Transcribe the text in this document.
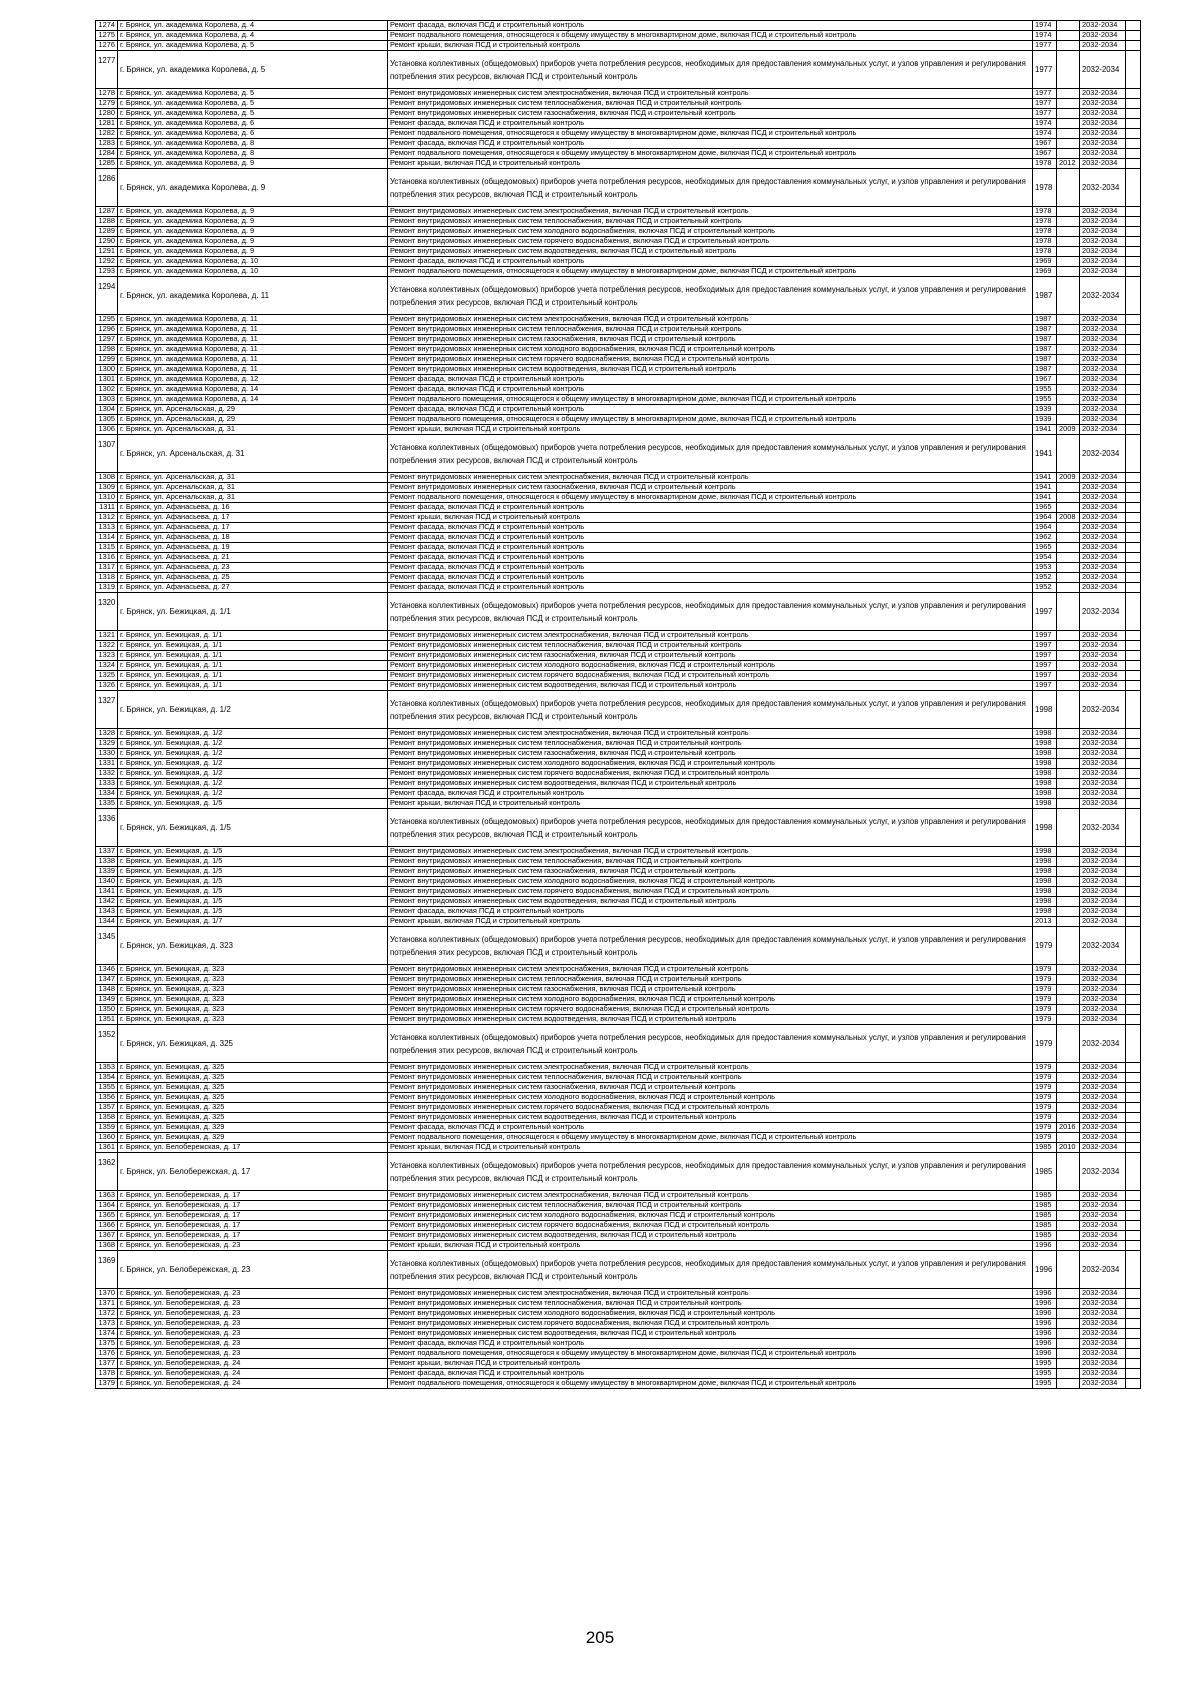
1274	г. Брянск, ул. академика Королева, д. 4	Ремонт фасада, включая ПСД и строительный контроль	1974		2032-2034	
1275	г. Брянск, ул. академика Королева, д. 4	Ремонт подвального помещения, относящегося к общему имуществу в многоквартирном доме, включая ПСД и строительный контроль	1974		2032-2034	
1276	г. Брянск, ул. академика Королева, д. 5	Ремонт крыши, включая ПСД и строительный контроль	1977		2032-2034	
1277	г. Брянск, ул. академика Королева, д. 5	Установка коллективных (общедомовых) приборов учета потребления ресурсов, необходимых для предоставления коммунальных услуг, и узлов управления и регулирования потребления этих ресурсов, включая ПСД и строительный контроль	1977		2032-2034	
1278	г. Брянск, ул. академика Королева, д. 5	Ремонт внутридомовых инженерных систем электроснабжения, включая ПСД и строительный контроль	1977		2032-2034	
1279	г. Брянск, ул. академика Королева, д. 5	Ремонт внутридомовых инженерных систем теплоснабжения, включая ПСД и строительный контроль	1977		2032-2034	
1280	г. Брянск, ул. академика Королева, д. 5	Ремонт внутридомовых инженерных систем газоснабжения, включая ПСД и строительный контроль	1977		2032-2034	
1281	г. Брянск, ул. академика Королева, д. 6	Ремонт фасада, включая ПСД и строительный контроль	1974		2032-2034	
1282	г. Брянск, ул. академика Королева, д. 6	Ремонт подвального помещения, относящегося к общему имуществу в многоквартирном доме, включая ПСД и строительный контроль	1974		2032-2034	
1283	г. Брянск, ул. академика Королева, д. 8	Ремонт фасада, включая ПСД и строительный контроль	1967		2032-2034	
1284	г. Брянск, ул. академика Королева, д. 8	Ремонт подвального помещения, относящегося к общему имуществу в многоквартирном доме, включая ПСД и строительный контроль	1967		2032-2034	
1285	г. Брянск, ул. академика Королева, д. 9	Ремонт крыши, включая ПСД и строительный контроль	1978	2012	2032-2034	
1286	г. Брянск, ул. академика Королева, д. 9	Установка коллективных (общедомовых) приборов учета потребления ресурсов, необходимых для предоставления коммунальных услуг, и узлов управления и регулирования потребления этих ресурсов, включая ПСД и строительный контроль	1978		2032-2034	
1287	г. Брянск, ул. академика Королева, д. 9	Ремонт внутридомовых инженерных систем электроснабжения, включая ПСД и строительный контроль	1978		2032-2034	
1288	г. Брянск, ул. академика Королева, д. 9	Ремонт внутридомовых инженерных систем теплоснабжения, включая ПСД и строительный контроль	1978		2032-2034	
1289	г. Брянск, ул. академика Королева, д. 9	Ремонт внутридомовых инженерных систем холодного водоснабжения, включая ПСД и строительный контроль	1978		2032-2034	
1290	г. Брянск, ул. академика Королева, д. 9	Ремонт внутридомовых инженерных систем горячего водоснабжения, включая ПСД и строительный контроль	1978		2032-2034	
1291	г. Брянск, ул. академика Королева, д. 9	Ремонт внутридомовых инженерных систем водоотведения, включая ПСД и строительный контроль	1978		2032-2034	
1292	г. Брянск, ул. академика Королева, д. 10	Ремонт фасада, включая ПСД и строительный контроль	1969		2032-2034	
1293	г. Брянск, ул. академика Королева, д. 10	Ремонт подвального помещения, относящегося к общему имуществу в многоквартирном доме, включая ПСД и строительный контроль	1969		2032-2034	
1294	г. Брянск, ул. академика Королева, д. 11	Установка коллективных (общедомовых) приборов учета потребления ресурсов, необходимых для предоставления коммунальных услуг, и узлов управления и регулирования потребления этих ресурсов, включая ПСД и строительный контроль	1987		2032-2034	
1295	г. Брянск, ул. академика Королева, д. 11	Ремонт внутридомовых инженерных систем электроснабжения, включая ПСД и строительный контроль	1987		2032-2034	
1296	г. Брянск, ул. академика Королева, д. 11	Ремонт внутридомовых инженерных систем теплоснабжения, включая ПСД и строительный контроль	1987		2032-2034	
1297	г. Брянск, ул. академика Королева, д. 11	Ремонт внутридомовых инженерных систем газоснабжения, включая ПСД и строительный контроль	1987		2032-2034	
1298	г. Брянск, ул. академика Королева, д. 11	Ремонт внутридомовых инженерных систем холодного водоснабжения, включая ПСД и строительный контроль	1987		2032-2034	
1299	г. Брянск, ул. академика Королева, д. 11	Ремонт внутридомовых инженерных систем горячего водоснабжения, включая ПСД и строительный контроль	1987		2032-2034	
1300	г. Брянск, ул. академика Королева, д. 11	Ремонт внутридомовых инженерных систем водоотведения, включая ПСД и строительный контроль	1987		2032-2034	
1301	г. Брянск, ул. академика Королева, д. 12	Ремонт фасада, включая ПСД и строительный контроль	1967		2032-2034	
1302	г. Брянск, ул. академика Королева, д. 14	Ремонт фасада, включая ПСД и строительный контроль	1955		2032-2034	
1303	г. Брянск, ул. академика Королева, д. 14	Ремонт подвального помещения, относящегося к общему имуществу в многоквартирном доме, включая ПСД и строительный контроль	1955		2032-2034	
1304	г. Брянск, ул. Арсенальская, д. 29	Ремонт фасада, включая ПСД и строительный контроль	1939		2032-2034	
1305	г. Брянск, ул. Арсенальская, д. 29	Ремонт подвального помещения, относящегося к общему имуществу в многоквартирном доме, включая ПСД и строительный контроль	1939		2032-2034	
1306	г. Брянск, ул. Арсенальская, д. 31	Ремонт крыши, включая ПСД и строительный контроль	1941	2009	2032-2034	
1307	г. Брянск, ул. Арсенальская, д. 31	Установка коллективных (общедомовых) приборов учета потребления ресурсов, необходимых для предоставления коммунальных услуг, и узлов управления и регулирования потребления этих ресурсов, включая ПСД и строительный контроль	1941		2032-2034	
1308	г. Брянск, ул. Арсенальская, д. 31	Ремонт внутридомовых инженерных систем электроснабжения, включая ПСД и строительный контроль	1941	2009	2032-2034	
1309	г. Брянск, ул. Арсенальская, д. 31	Ремонт внутридомовых инженерных систем газоснабжения, включая ПСД и строительный контроль	1941		2032-2034	
1310	г. Брянск, ул. Арсенальская, д. 31	Ремонт подвального помещения, относящегося к общему имуществу в многоквартирном доме, включая ПСД и строительный контроль	1941		2032-2034	
1311	г. Брянск, ул. Афанасьева, д. 16	Ремонт фасада, включая ПСД и строительный контроль	1965		2032-2034	
1312	г. Брянск, ул. Афанасьева, д. 17	Ремонт крыши, включая ПСД и строительный контроль	1964	2008	2032-2034	
1313	г. Брянск, ул. Афанасьева, д. 17	Ремонт фасада, включая ПСД и строительный контроль	1964		2032-2034	
1314	г. Брянск, ул. Афанасьева, д. 18	Ремонт фасада, включая ПСД и строительный контроль	1962		2032-2034	
1315	г. Брянск, ул. Афанасьева, д. 19	Ремонт фасада, включая ПСД и строительный контроль	1965		2032-2034	
1316	г. Брянск, ул. Афанасьева, д. 21	Ремонт фасада, включая ПСД и строительный контроль	1954		2032-2034	
1317	г. Брянск, ул. Афанасьева, д. 23	Ремонт фасада, включая ПСД и строительный контроль	1953		2032-2034	
1318	г. Брянск, ул. Афанасьева, д. 25	Ремонт фасада, включая ПСД и строительный контроль	1952		2032-2034	
1319	г. Брянск, ул. Афанасьева, д. 27	Ремонт фасада, включая ПСД и строительный контроль	1952		2032-2034	
1320	г. Брянск, ул. Бежицкая, д. 1/1	Установка коллективных (общедомовых) приборов учета потребления ресурсов, необходимых для предоставления коммунальных услуг, и узлов управления и регулирования потребления этих ресурсов, включая ПСД и строительный контроль	1997		2032-2034	
1321	г. Брянск, ул. Бежицкая, д. 1/1	Ремонт внутридомовых инженерных систем электроснабжения, включая ПСД и строительный контроль	1997		2032-2034	
1322	г. Брянск, ул. Бежицкая, д. 1/1	Ремонт внутридомовых инженерных систем теплоснабжения, включая ПСД и строительный контроль	1997		2032-2034	
1323	г. Брянск, ул. Бежицкая, д. 1/1	Ремонт внутридомовых инженерных систем газоснабжения, включая ПСД и строительный контроль	1997		2032-2034	
1324	г. Брянск, ул. Бежицкая, д. 1/1	Ремонт внутридомовых инженерных систем холодного водоснабжения, включая ПСД и строительный контроль	1997		2032-2034	
1325	г. Брянск, ул. Бежицкая, д. 1/1	Ремонт внутридомовых инженерных систем горячего водоснабжения, включая ПСД и строительный контроль	1997		2032-2034	
1326	г. Брянск, ул. Бежицкая, д. 1/1	Ремонт внутридомовых инженерных систем водоотведения, включая ПСД и строительный контроль	1997		2032-2034	
1327	г. Брянск, ул. Бежицкая, д. 1/2	Установка коллективных (общедомовых) приборов учета потребления ресурсов, необходимых для предоставления коммунальных услуг, и узлов управления и регулирования потребления этих ресурсов, включая ПСД и строительный контроль	1998		2032-2034	
1328	г. Брянск, ул. Бежицкая, д. 1/2	Ремонт внутридомовых инженерных систем электроснабжения, включая ПСД и строительный контроль	1998		2032-2034	
1329	г. Брянск, ул. Бежицкая, д. 1/2	Ремонт внутридомовых инженерных систем теплоснабжения, включая ПСД и строительный контроль	1998		2032-2034	
1330	г. Брянск, ул. Бежицкая, д. 1/2	Ремонт внутридомовых инженерных систем газоснабжения, включая ПСД и строительный контроль	1998		2032-2034	
1331	г. Брянск, ул. Бежицкая, д. 1/2	Ремонт внутридомовых инженерных систем холодного водоснабжения, включая ПСД и строительный контроль	1998		2032-2034	
1332	г. Брянск, ул. Бежицкая, д. 1/2	Ремонт внутридомовых инженерных систем горячего водоснабжения, включая ПСД и строительный контроль	1998		2032-2034	
1333	г. Брянск, ул. Бежицкая, д. 1/2	Ремонт внутридомовых инженерных систем водоотведения, включая ПСД и строительный контроль	1998		2032-2034	
1334	г. Брянск, ул. Бежицкая, д. 1/2	Ремонт фасада, включая ПСД и строительный контроль	1998		2032-2034	
1335	г. Брянск, ул. Бежицкая, д. 1/5	Ремонт крыши, включая ПСД и строительный контроль	1998		2032-2034	
1336	г. Брянск, ул. Бежицкая, д. 1/5	Установка коллективных (общедомовых) приборов учета потребления ресурсов, необходимых для предоставления коммунальных услуг, и узлов управления и регулирования потребления этих ресурсов, включая ПСД и строительный контроль	1998		2032-2034	
1337	г. Брянск, ул. Бежицкая, д. 1/5	Ремонт внутридомовых инженерных систем электроснабжения, включая ПСД и строительный контроль	1998		2032-2034	
1338	г. Брянск, ул. Бежицкая, д. 1/5	Ремонт внутридомовых инженерных систем теплоснабжения, включая ПСД и строительный контроль	1998		2032-2034	
1339	г. Брянск, ул. Бежицкая, д. 1/5	Ремонт внутридомовых инженерных систем газоснабжения, включая ПСД и строительный контроль	1998		2032-2034	
1340	г. Брянск, ул. Бежицкая, д. 1/5	Ремонт внутридомовых инженерных систем холодного водоснабжения, включая ПСД и строительный контроль	1998		2032-2034	
1341	г. Брянск, ул. Бежицкая, д. 1/5	Ремонт внутридомовых инженерных систем горячего водоснабжения, включая ПСД и строительный контроль	1998		2032-2034	
1342	г. Брянск, ул. Бежицкая, д. 1/5	Ремонт внутридомовых инженерных систем водоотведения, включая ПСД и строительный контроль	1998		2032-2034	
1343	г. Брянск, ул. Бежицкая, д. 1/5	Ремонт фасада, включая ПСД и строительный контроль	1998		2032-2034	
1344	г. Брянск, ул. Бежицкая, д. 1/7	Ремонт крыши, включая ПСД и строительный контроль	2013		2032-2034	
1345	г. Брянск, ул. Бежицкая, д. 323	Установка коллективных (общедомовых) приборов учета потребления ресурсов, необходимых для предоставления коммунальных услуг, и узлов управления и регулирования потребления этих ресурсов, включая ПСД и строительный контроль	1979		2032-2034	
1346	г. Брянск, ул. Бежицкая, д. 323	Ремонт внутридомовых инженерных систем электроснабжения, включая ПСД и строительный контроль	1979		2032-2034	
1347	г. Брянск, ул. Бежицкая, д. 323	Ремонт внутридомовых инженерных систем теплоснабжения, включая ПСД и строительный контроль	1979		2032-2034	
1348	г. Брянск, ул. Бежицкая, д. 323	Ремонт внутридомовых инженерных систем газоснабжения, включая ПСД и строительный контроль	1979		2032-2034	
1349	г. Брянск, ул. Бежицкая, д. 323	Ремонт внутридомовых инженерных систем холодного водоснабжения, включая ПСД и строительный контроль	1979		2032-2034	
1350	г. Брянск, ул. Бежицкая, д. 323	Ремонт внутридомовых инженерных систем горячего водоснабжения, включая ПСД и строительный контроль	1979		2032-2034	
1351	г. Брянск, ул. Бежицкая, д. 323	Ремонт внутридомовых инженерных систем водоотведения, включая ПСД и строительный контроль	1979		2032-2034	
1352	г. Брянск, ул. Бежицкая, д. 325	Установка коллективных (общедомовых) приборов учета потребления ресурсов, необходимых для предоставления коммунальных услуг, и узлов управления и регулирования потребления этих ресурсов, включая ПСД и строительный контроль	1979		2032-2034	
1353	г. Брянск, ул. Бежицкая, д. 325	Ремонт внутридомовых инженерных систем электроснабжения, включая ПСД и строительный контроль	1979		2032-2034	
1354	г. Брянск, ул. Бежицкая, д. 325	Ремонт внутридомовых инженерных систем теплоснабжения, включая ПСД и строительный контроль	1979		2032-2034	
1355	г. Брянск, ул. Бежицкая, д. 325	Ремонт внутридомовых инженерных систем газоснабжения, включая ПСД и строительный контроль	1979		2032-2034	
1356	г. Брянск, ул. Бежицкая, д. 325	Ремонт внутридомовых инженерных систем холодного водоснабжения, включая ПСД и строительный контроль	1979		2032-2034	
1357	г. Брянск, ул. Бежицкая, д. 325	Ремонт внутридомовых инженерных систем горячего водоснабжения, включая ПСД и строительный контроль	1979		2032-2034	
1358	г. Брянск, ул. Бежицкая, д. 325	Ремонт внутридомовых инженерных систем водоотведения, включая ПСД и строительный контроль	1979		2032-2034	
1359	г. Брянск, ул. Бежицкая, д. 329	Ремонт фасада, включая ПСД и строительный контроль	1979	2016	2032-2034	
1360	г. Брянск, ул. Бежицкая, д. 329	Ремонт подвального помещения, относящегося к общему имуществу в многоквартирном доме, включая ПСД и строительный контроль	1979		2032-2034	
1361	г. Брянск, ул. Белобережская, д. 17	Ремонт крыши, включая ПСД и строительный контроль	1985	2010	2032-2034	
1362	г. Брянск, ул. Белобережская, д. 17	Установка коллективных (общедомовых) приборов учета потребления ресурсов, необходимых для предоставления коммунальных услуг, и узлов управления и регулирования потребления этих ресурсов, включая ПСД и строительный контроль	1985		2032-2034	
1363	г. Брянск, ул. Белобережская, д. 17	Ремонт внутридомовых инженерных систем электроснабжения, включая ПСД и строительный контроль	1985		2032-2034	
1364	г. Брянск, ул. Белобережская, д. 17	Ремонт внутридомовых инженерных систем теплоснабжения, включая ПСД и строительный контроль	1985		2032-2034	
1365	г. Брянск, ул. Белобережская, д. 17	Ремонт внутридомовых инженерных систем холодного водоснабжения, включая ПСД и строительный контроль	1985		2032-2034	
1366	г. Брянск, ул. Белобережская, д. 17	Ремонт внутридомовых инженерных систем горячего водоснабжения, включая ПСД и строительный контроль	1985		2032-2034	
1367	г. Брянск, ул. Белобережская, д. 17	Ремонт внутридомовых инженерных систем водоотведения, включая ПСД и строительный контроль	1985		2032-2034	
1368	г. Брянск, ул. Белобережская, д. 23	Ремонт крыши, включая ПСД и строительный контроль	1996		2032-2034	
1369	г. Брянск, ул. Белобережская, д. 23	Установка коллективных (общедомовых) приборов учета потребления ресурсов, необходимых для предоставления коммунальных услуг, и узлов управления и регулирования потребления этих ресурсов, включая ПСД и строительный контроль	1996		2032-2034	
1370	г. Брянск, ул. Белобережская, д. 23	Ремонт внутридомовых инженерных систем электроснабжения, включая ПСД и строительный контроль	1996		2032-2034	
1371	г. Брянск, ул. Белобережская, д. 23	Ремонт внутридомовых инженерных систем теплоснабжения, включая ПСД и строительный контроль	1996		2032-2034	
1372	г. Брянск, ул. Белобережская, д. 23	Ремонт внутридомовых инженерных систем холодного водоснабжения, включая ПСД и строительный контроль	1996		2032-2034	
1373	г. Брянск, ул. Белобережская, д. 23	Ремонт внутридомовых инженерных систем горячего водоснабжения, включая ПСД и строительный контроль	1996		2032-2034	
1374	г. Брянск, ул. Белобережская, д. 23	Ремонт внутридомовых инженерных систем водоотведения, включая ПСД и строительный контроль	1996		2032-2034	
1375	г. Брянск, ул. Белобережская, д. 23	Ремонт фасада, включая ПСД и строительный контроль	1996		2032-2034	
1376	г. Брянск, ул. Белобережская, д. 23	Ремонт подвального помещения, относящегося к общему имуществу в многоквартирном доме, включая ПСД и строительный контроль	1996		2032-2034	
1377	г. Брянск, ул. Белобережская, д. 24	Ремонт крыши, включая ПСД и строительный контроль	1995		2032-2034	
1378	г. Брянск, ул. Белобережская, д. 24	Ремонт фасада, включая ПСД и строительный контроль	1995		2032-2034	
1379	г. Брянск, ул. Белобережская, д. 24	Ремонт подвального помещения, относящегося к общему имуществу в многоквартирном доме, включая ПСД и строительный контроль	1995		2032-2034	
205
